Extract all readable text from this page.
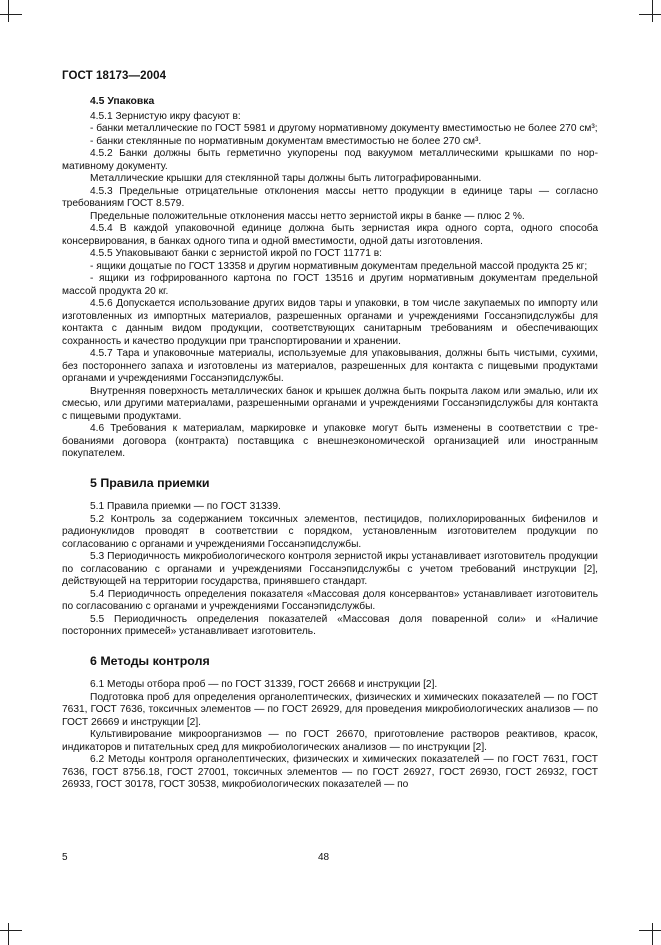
ГОСТ 18173—2004
4.5 Упаковка

4.5.1 Зернистую икру фасуют в:

- банки металлические по ГОСТ 5981 и другому нормативному документу вместимостью не более 270 см³;

- банки стеклянные по нормативным документам вместимостью не более 270 см³.

4.5.2 Банки должны быть герметично укупорены под вакуумом металлическими крышками по нормативному документу.

Металлические крышки для стеклянной тары должны быть литографированными.

4.5.3 Предельные отрицательные отклонения массы нетто продукции в единице тары — согласно требованиям ГОСТ 8.579.

Предельные положительные отклонения массы нетто зернистой икры в банке — плюс 2 %.

4.5.4 В каждой упаковочной единице должна быть зернистая икра одного сорта, одного способа консервирования, в банках одного типа и одной вместимости, одной даты изготовления.

4.5.5 Упаковывают банки с зернистой икрой по ГОСТ 11771 в:

- ящики дощатые по ГОСТ 13358 и другим нормативным документам предельной массой продукта 25 кг;

- ящики из гофрированного картона по ГОСТ 13516 и другим нормативным документам предельной массой продукта 20 кг.

4.5.6 Допускается использование других видов тары и упаковки, в том числе закупаемых по импорту или изготовленных из импортных материалов, разрешенных органами и учреждениями Госсанэпидслужбы для контакта с данным видом продукции, соответствующих санитарным требованиям и обеспечивающих сохранность и качество продукции при транспортировании и хранении.

4.5.7 Тара и упаковочные материалы, используемые для упаковывания, должны быть чистыми, сухими, без постороннего запаха и изготовлены из материалов, разрешенных для контакта с пищевыми продуктами органами и учреждениями Госсанэпидслужбы.

Внутренняя поверхность металлических банок и крышек должна быть покрыта лаком или эмалью, или их смесью, или другими материалами, разрешенными органами и учреждениями Госсанэпидслужбы для контакта с пищевыми продуктами.

4.6 Требования к материалам, маркировке и упаковке могут быть изменены в соответствии с требованиями договора (контракта) поставщика с внешнеэкономической организацией или иностранным покупателем.

5 Правила приемки

5.1 Правила приемки — по ГОСТ 31339.

5.2 Контроль за содержанием токсичных элементов, пестицидов, полихлорированных бифенилов и радионуклидов проводят в соответствии с порядком, установленным изготовителем продукции по согласованию с органами и учреждениями Госсанэпидслужбы.

5.3 Периодичность микробиологического контроля зернистой икры устанавливает изготовитель продукции по согласованию с органами и учреждениями Госсанэпидслужбы с учетом требований инструкции [2], действующей на территории государства, принявшего стандарт.

5.4 Периодичность определения показателя «Массовая доля консервантов» устанавливает изготовитель по согласованию с органами и учреждениями Госсанэпидслужбы.

5.5 Периодичность определения показателей «Массовая доля поваренной соли» и «Наличие посторонних примесей» устанавливает изготовитель.

6 Методы контроля

6.1 Методы отбора проб — по ГОСТ 31339, ГОСТ 26668 и инструкции [2].

Подготовка проб для определения органолептических, физических и химических показателей — по ГОСТ 7631, ГОСТ 7636, токсичных элементов — по ГОСТ 26929, для проведения микробиологических анализов — по ГОСТ 26669 и инструкции [2].

Культивирование микроорганизмов — по ГОСТ 26670, приготовление растворов реактивов, красок, индикаторов и питательных сред для микробиологических анализов — по инструкции [2].

6.2 Методы контроля органолептических, физических и химических показателей — по ГОСТ 7631, ГОСТ 7636, ГОСТ 8756.18, ГОСТ 27001, токсичных элементов — по ГОСТ 26927, ГОСТ 26930, ГОСТ 26932, ГОСТ 26933, ГОСТ 30178, ГОСТ 30538, микробиологических показателей — по

5	48
